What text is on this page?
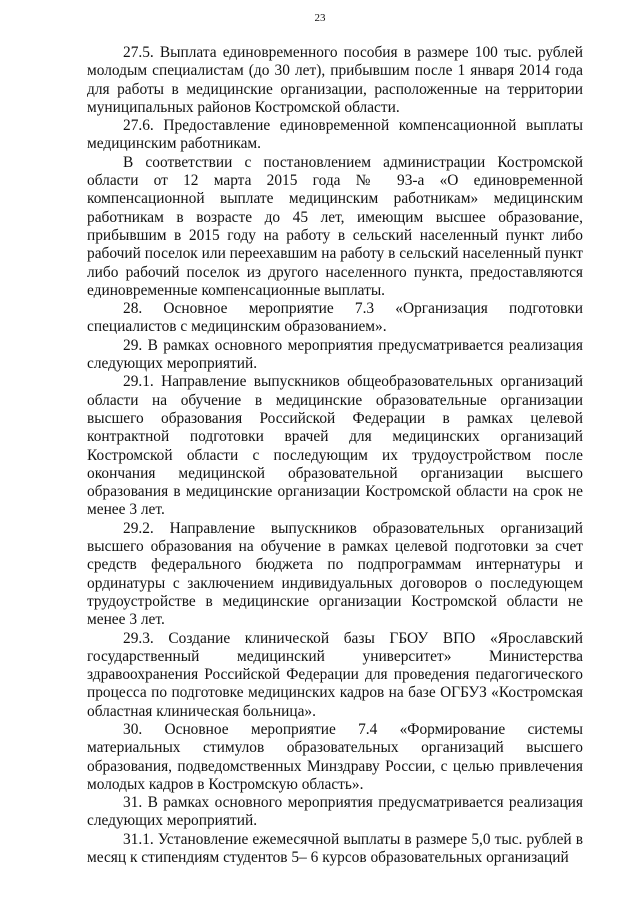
23

27.5. Выплата единовременного пособия в размере 100 тыс. рублей молодым специалистам (до 30 лет), прибывшим после 1 января 2014 года для работы в медицинские организации, расположенные на территории муниципальных районов Костромской области.

27.6. Предоставление единовременной компенсационной выплаты медицинским работникам.

В соответствии с постановлением администрации Костромской области от 12 марта 2015 года № 93-а «О единовременной компенсационной выплате медицинским работникам» медицинским работникам в возрасте до 45 лет, имеющим высшее образование, прибывшим в 2015 году на работу в сельский населенный пункт либо рабочий поселок или переехавшим на работу в сельский населенный пункт либо рабочий поселок из другого населенного пункта, предоставляются единовременные компенсационные выплаты.

28. Основное мероприятие 7.3 «Организация подготовки специалистов с медицинским образованием».

29. В рамках основного мероприятия предусматривается реализация следующих мероприятий.

29.1. Направление выпускников общеобразовательных организаций области на обучение в медицинские образовательные организации высшего образования Российской Федерации в рамках целевой контрактной подготовки врачей для медицинских организаций Костромской области с последующим их трудоустройством после окончания медицинской образовательной организации высшего образования в медицинские организации Костромской области на срок не менее 3 лет.

29.2. Направление выпускников образовательных организаций высшего образования на обучение в рамках целевой подготовки за счет средств федерального бюджета по подпрограммам интернатуры и ординатуры с заключением индивидуальных договоров о последующем трудоустройстве в медицинские организации Костромской области не менее 3 лет.

29.3. Создание клинической базы ГБОУ ВПО «Ярославский государственный медицинский университет» Министерства здравоохранения Российской Федерации для проведения педагогического процесса по подготовке медицинских кадров на базе ОГБУЗ «Костромская областная клиническая больница».

30. Основное мероприятие 7.4 «Формирование системы материальных стимулов образовательных организаций высшего образования, подведомственных Минздраву России, с целью привлечения молодых кадров в Костромскую область».

31. В рамках основного мероприятия предусматривается реализация следующих мероприятий.

31.1. Установление ежемесячной выплаты в размере 5,0 тыс. рублей в месяц к стипендиям студентов 5– 6 курсов образовательных организаций
